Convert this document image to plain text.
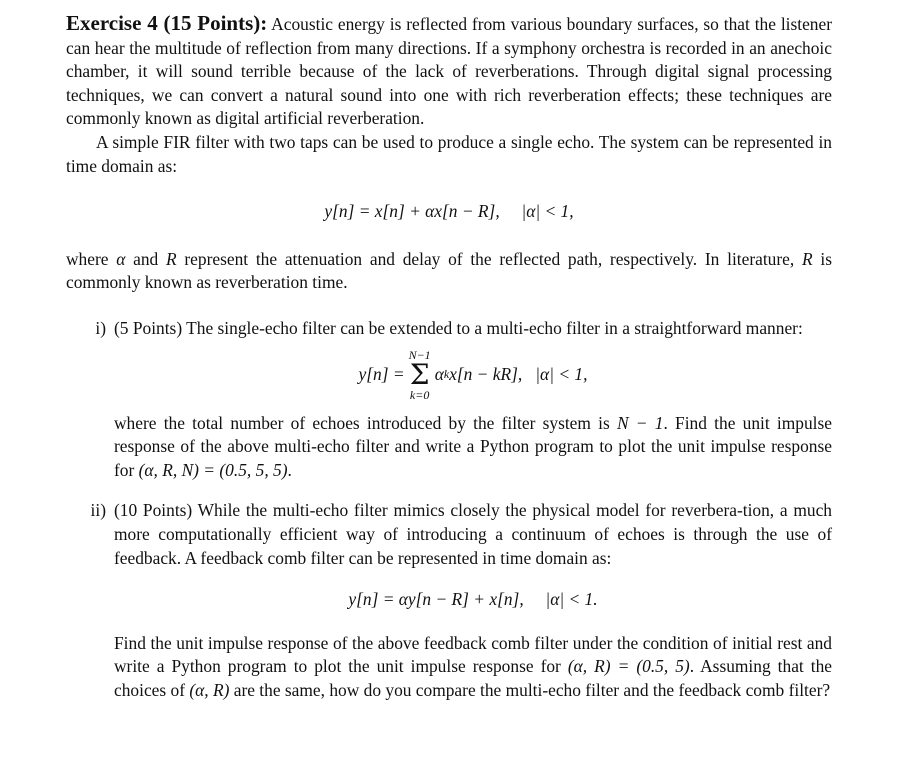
Exercise 4 (15 Points): Acoustic energy is reflected from various boundary surfaces, so that the listener can hear the multitude of reflection from many directions. If a symphony orchestra is recorded in an anechoic chamber, it will sound terrible because of the lack of reverberations. Through digital signal processing techniques, we can convert a natural sound into one with rich reverberation effects; these techniques are commonly known as digital artificial reverberation.

A simple FIR filter with two taps can be used to produce a single echo. The system can be represented in time domain as:

y[n] = x[n] + αx[n − R], |α| < 1,

where α and R represent the attenuation and delay of the reflected path, respectively. In literature, R is commonly known as reverberation time.

i) (5 Points) The single-echo filter can be extended to a multi-echo filter in a straightforward manner:

y[n] =
N−1
Σ
k=0
α k x[n − kR],
|α| < 1,

where the total number of echoes introduced by the filter system is N − 1. Find the unit impulse response of the above multi-echo filter and write a Python program to plot the unit impulse response for (α, R, N) = (0.5, 5, 5).

ii) (10 Points) While the multi-echo filter mimics closely the physical model for reverbera-tion, a much more computationally efficient way of introducing a continuum of echoes is through the use of feedback. A feedback comb filter can be represented in time domain as:

y[n] = αy[n − R] + x[n], |α| < 1.

Find the unit impulse response of the above feedback comb filter under the condition of initial rest and write a Python program to plot the unit impulse response for (α, R) = (0.5, 5). Assuming that the choices of (α, R) are the same, how do you compare the multi-echo filter and the feedback comb filter?
